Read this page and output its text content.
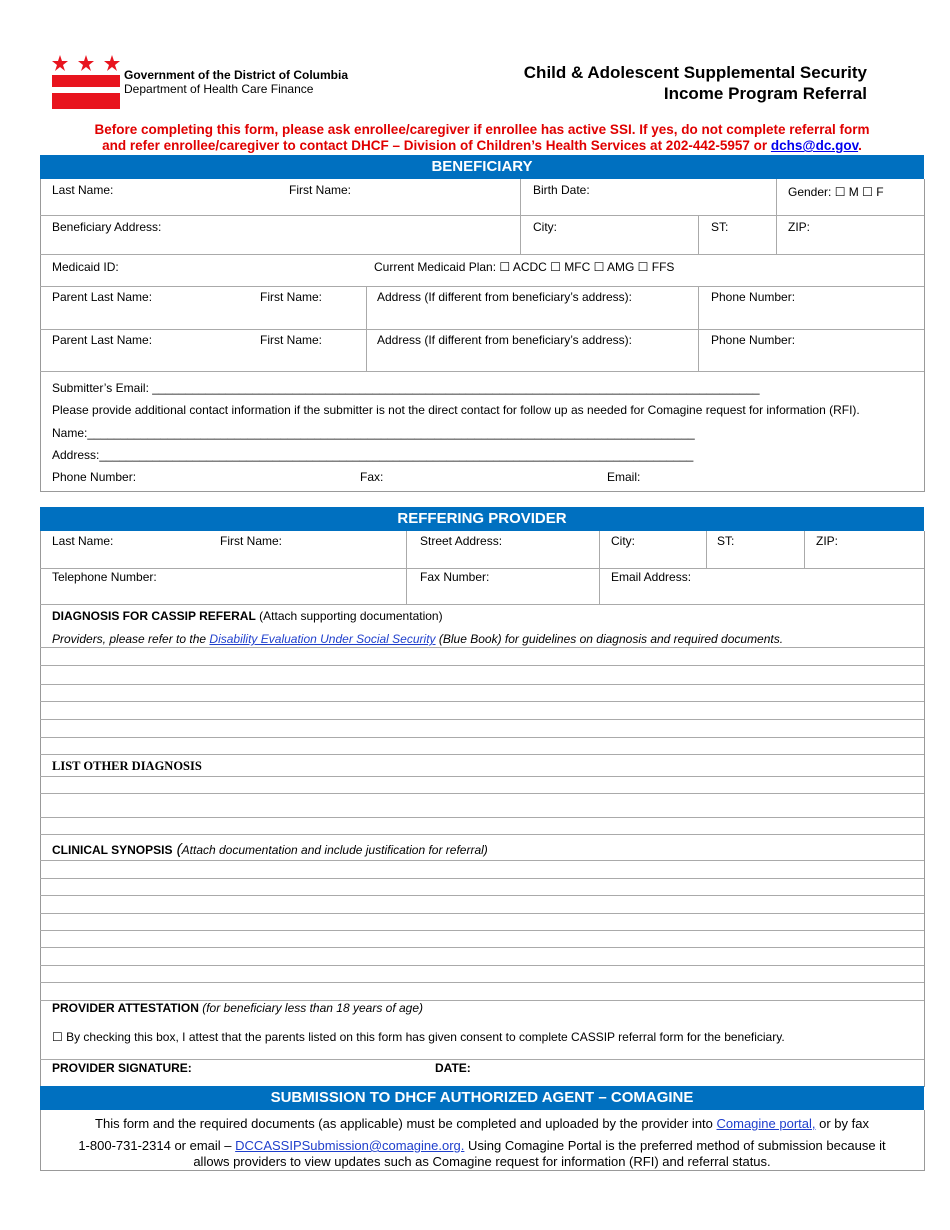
Government of the District of Columbia
Department of Health Care Finance
Child & Adolescent Supplemental Security
Income Program Referral
Before completing this form, please ask enrollee/caregiver if enrollee has active SSI. If yes, do not complete referral form
and refer enrollee/caregiver to contact DHCF – Division of Children’s Health Services at 202-442-5957 or dchs@dc.gov.
BENEFICIARY
Last Name:	First Name:	Birth Date:	Gender: ☐ M ☐ F
Beneficiary Address:	City:	ST:	ZIP:
Medicaid ID:	Current Medicaid Plan: ☐ ACDC ☐ MFC ☐ AMG ☐ FFS
Parent Last Name:	First Name:	Address (If different from beneficiary’s address):	Phone Number:
Parent Last Name:	First Name:	Address (If different from beneficiary’s address):	Phone Number:
Submitter’s Email: ___________________________________________________________________________________________
Please provide additional contact information if the submitter is not the direct contact for follow up as needed for Comagine request for information (RFI).
Name:___________________________________________________________________________________________
Address:_________________________________________________________________________________________
Phone Number:	Fax:	Email:
REFFERING PROVIDER
Last Name:	First Name:	Street Address:	City:	ST:	ZIP:
Telephone Number:	Fax Number:	Email Address:
DIAGNOSIS FOR CASSIP REFERAL (Attach supporting documentation)
Providers, please refer to the Disability Evaluation Under Social Security (Blue Book) for guidelines on diagnosis and required documents.
LIST OTHER DIAGNOSIS
CLINICAL SYNOPSIS (Attach documentation and include justification for referral)
PROVIDER ATTESTATION (for beneficiary less than 18 years of age)
☐ By checking this box, I attest that the parents listed on this form has given consent to complete CASSIP referral form for the beneficiary.
PROVIDER SIGNATURE:	DATE:
SUBMISSION TO DHCF AUTHORIZED AGENT – COMAGINE
This form and the required documents (as applicable) must be completed and uploaded by the provider into Comagine portal, or by fax
1-800-731-2314 or email – DCCASSIPSubmission@comagine.org. Using Comagine Portal is the preferred method of submission because it
allows providers to view updates such as Comagine request for information (RFI) and referral status.
